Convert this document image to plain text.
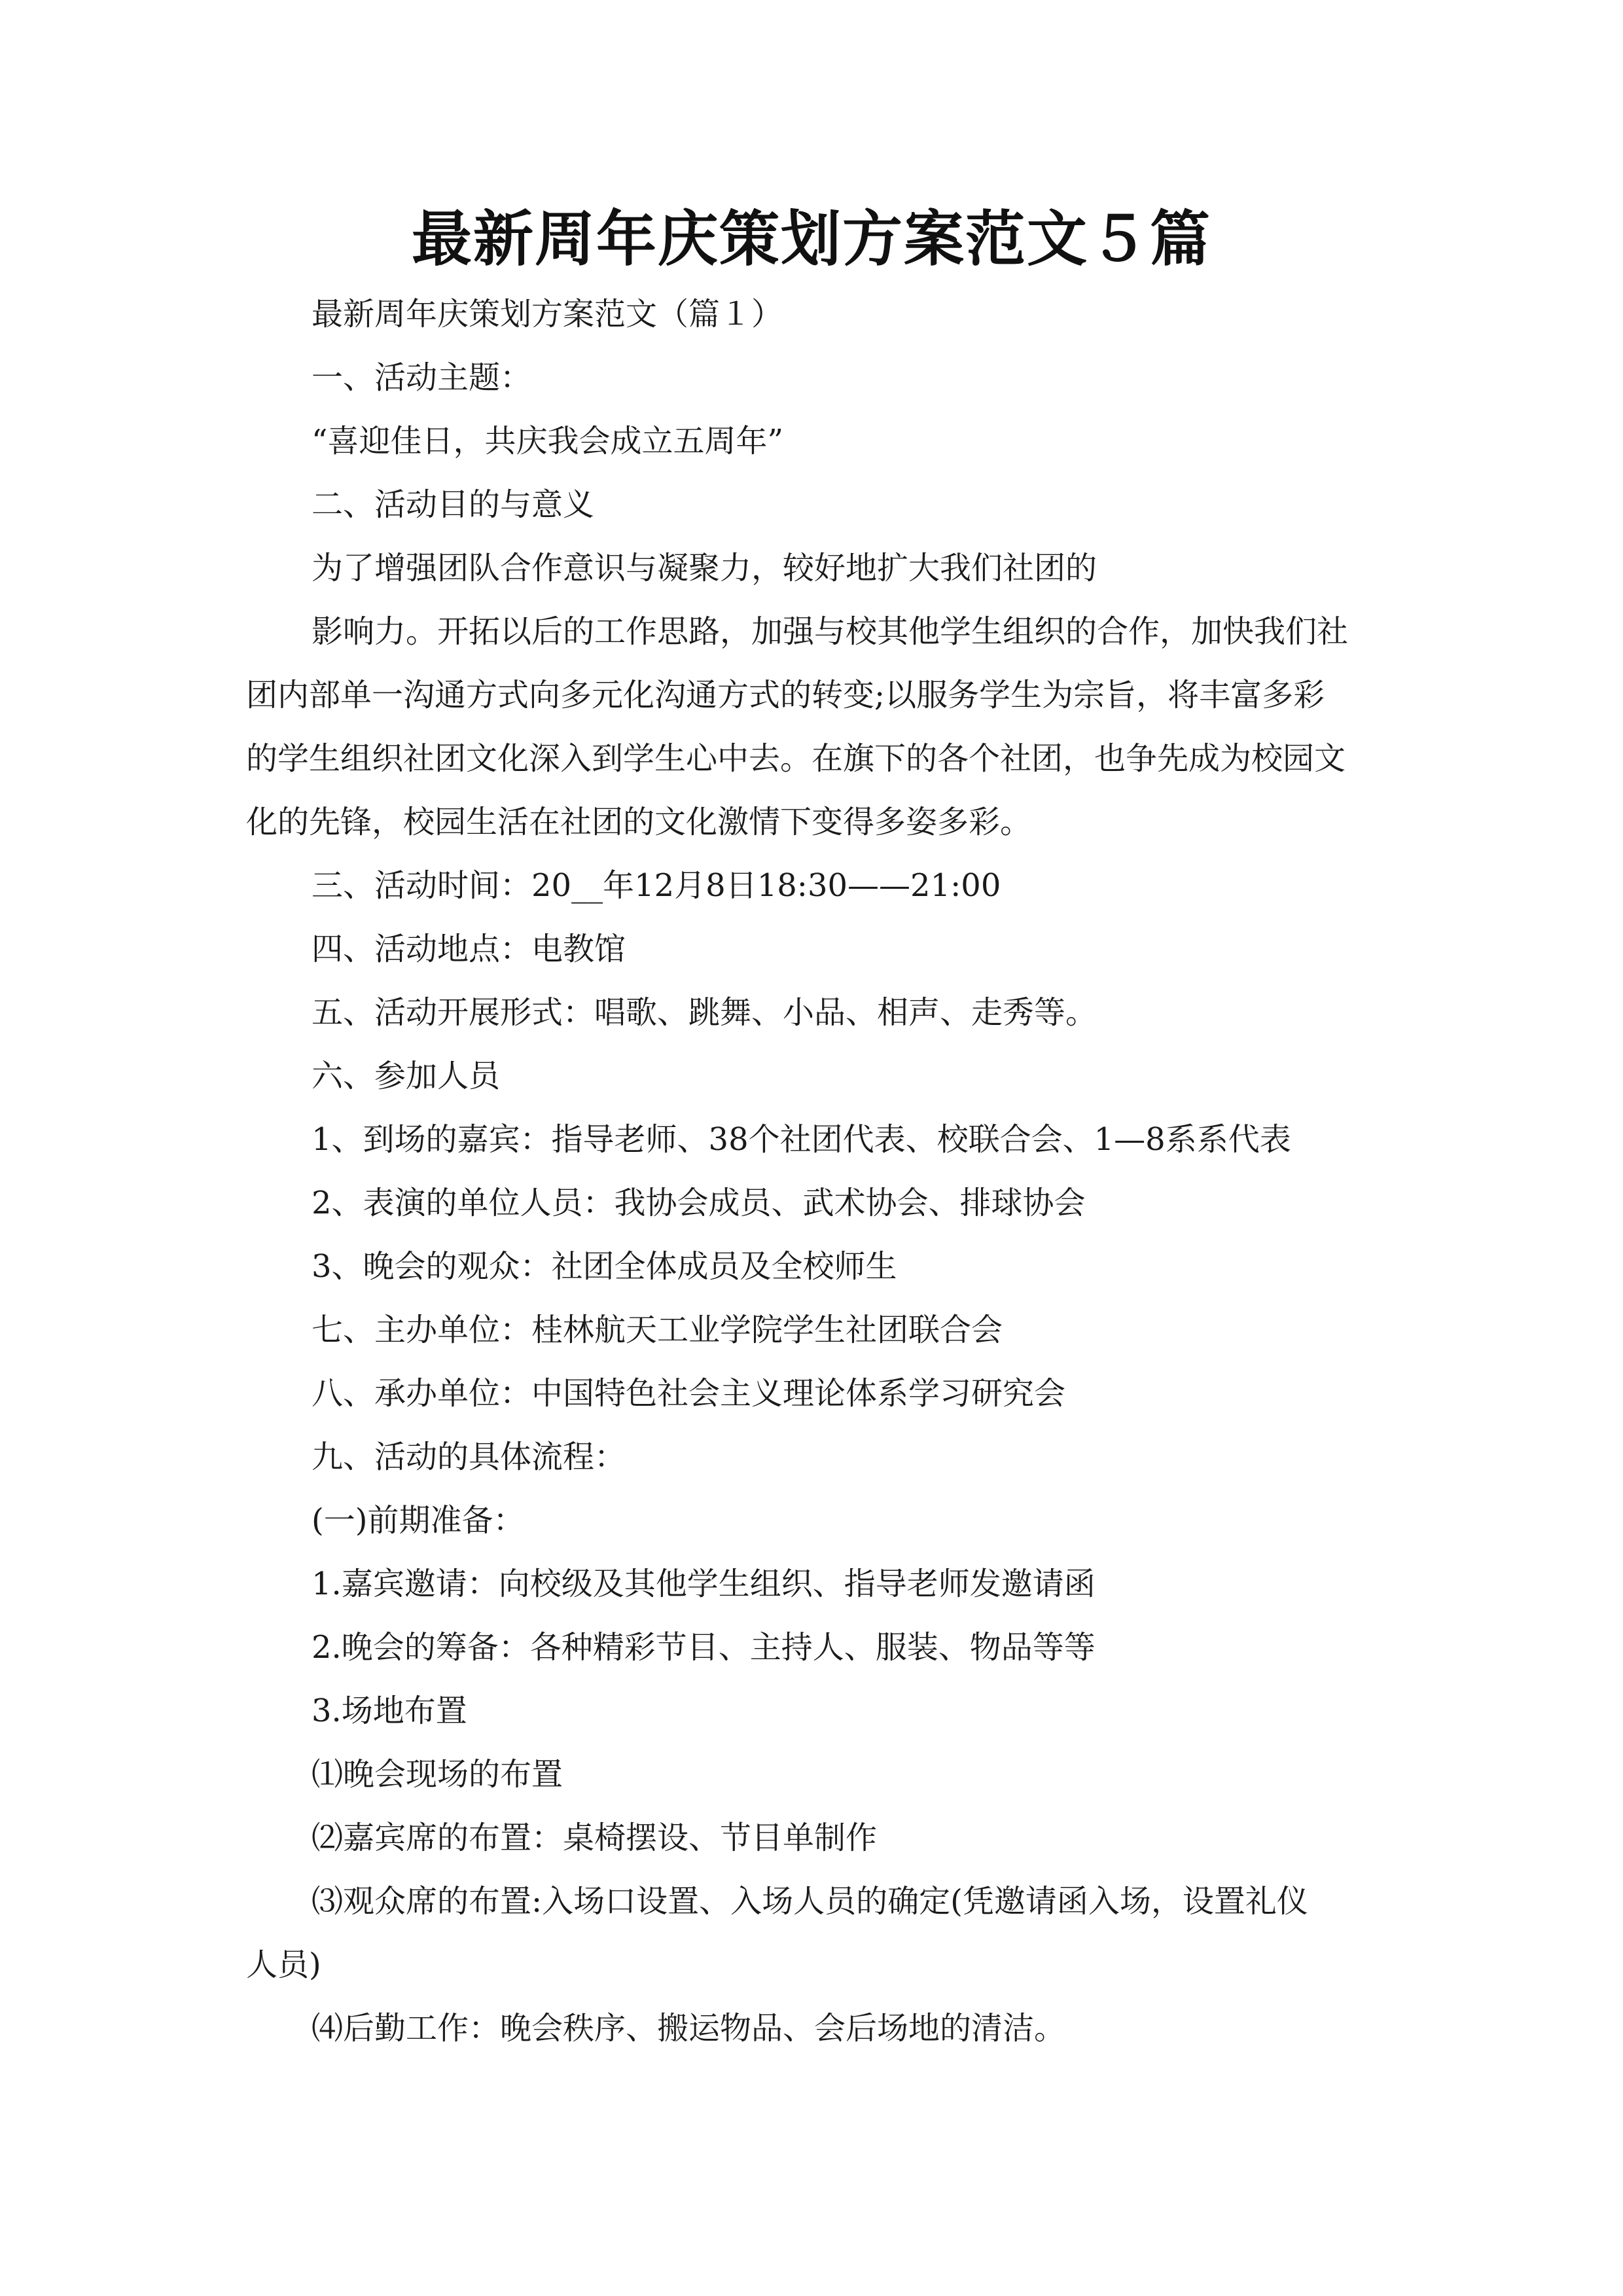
最新周年庆策划方案范文５篇
最新周年庆策划方案范文（篇１）
一、活动主题：
“喜迎佳日，共庆我会成立五周年”
二、活动目的与意义
为了增强团队合作意识与凝聚力，较好地扩大我们社团的
影响力。开拓以后的工作思路，加强与校其他学生组织的合作，加快我们社
团内部单一沟通方式向多元化沟通方式的转变;以服务学生为宗旨，将丰富多彩
的学生组织社团文化深入到学生心中去。在旗下的各个社团，也争先成为校园文
化的先锋，校园生活在社团的文化激情下变得多姿多彩。
三、活动时间：20__年12月8日18:30——21:00
四、活动地点：电教馆
五、活动开展形式：唱歌、跳舞、小品、相声、走秀等。
六、参加人员
1、到场的嘉宾：指导老师、38个社团代表、校联合会、1—8系系代表
2、表演的单位人员：我协会成员、武术协会、排球协会
3、晚会的观众：社团全体成员及全校师生
七、主办单位：桂林航天工业学院学生社团联合会
八、承办单位：中国特色社会主义理论体系学习研究会
九、活动的具体流程：
(一)前期准备：
1.嘉宾邀请：向校级及其他学生组织、指导老师发邀请函
2.晚会的筹备：各种精彩节目、主持人、服装、物品等等
3.场地布置
⑴晚会现场的布置
⑵嘉宾席的布置：桌椅摆设、节目单制作
⑶观众席的布置:入场口设置、入场人员的确定(凭邀请函入场，设置礼仪
人员)
⑷后勤工作：晚会秩序、搬运物品、会后场地的清洁。
